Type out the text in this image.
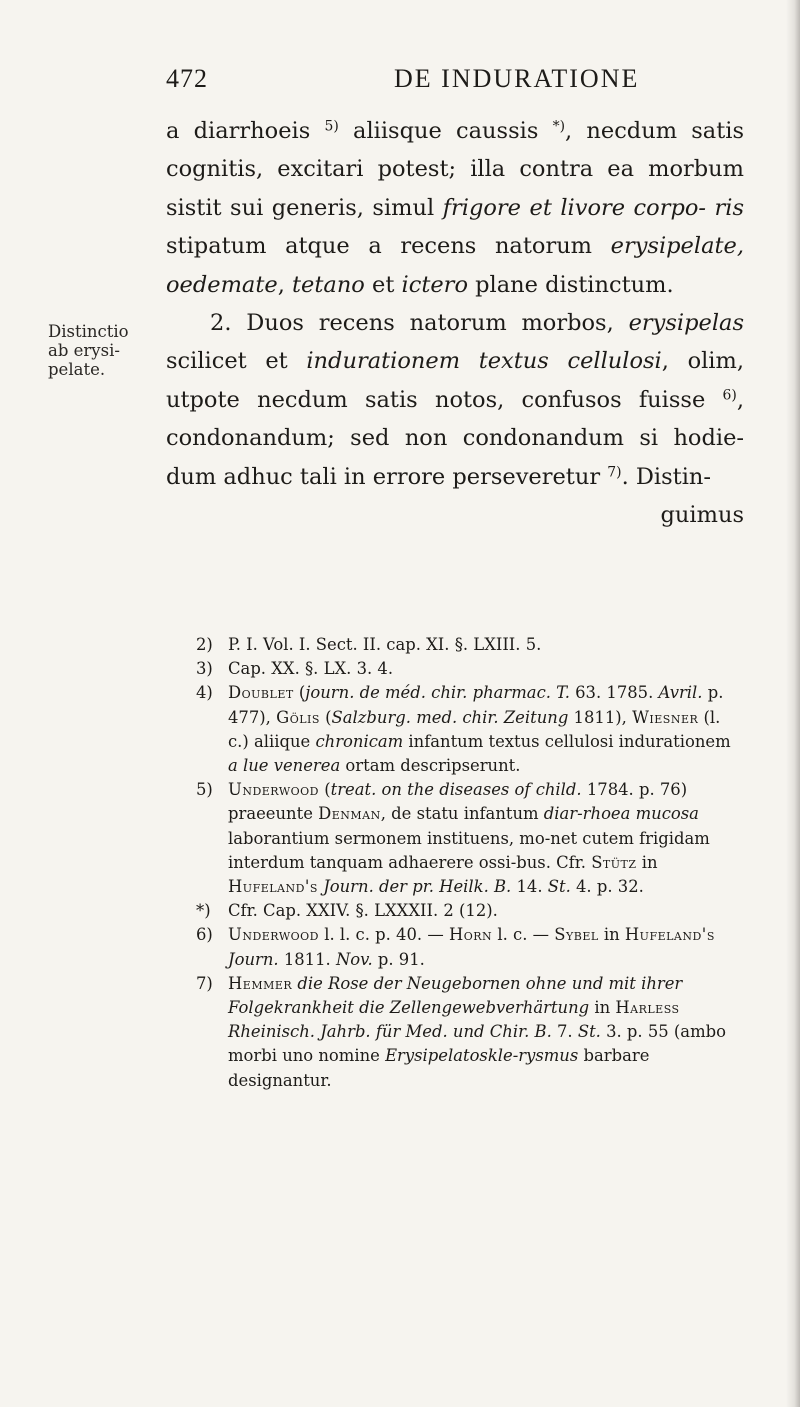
472	DE INDURATIONE
Distinctio
ab erysi-
pelate.

a diarrhoeis $^{5)}$ aliisque caussis *), necdum satis cognitis, excitari potest; illa contra ea morbum sistit sui generis, simul frigore et livore corpo- ris stipatum atque a recens natorum erysipelate, oedemate, tetano et ictero plane distinctum.

2. Duos recens natorum morbos, erysipelas scilicet et indurationem textus cellulosi, olim, utpote necdum satis notos, confusos fuisse $^{6)}$, condonandum; sed non condonandum si hodie-dum adhuc tali in errore perseveretur $^{7)}$. Distin-

guimus

2) P. I. Vol. I. Sect. II. cap. XI. §. LXIII. 5.
3) Cap. XX. §. LX. 3. 4.
4) Doublet (journ. de méd. chir. pharmac. T. 63. 1785. Avril. p. 477), Gölis (Salzburg. med. chir. Zeitung 1811), Wiesner (l. c.) aliique chronicam infantum textus cellulosi indurationem a lue venerea ortam descripserunt.
5) Underwood (treat. on the diseases of child. 1784. p. 76) praeeunte Denman, de statu infantum diar-rhoea mucosa laborantium sermonem instituens, mo-net cutem frigidam interdum tanquam adhaerere ossi-bus. Cfr. Stütz in Hufeland's Journ. der pr. Heilk. B. 14. St. 4. p. 32.
*) Cfr. Cap. XXIV. §. LXXXII. 2 (12).
6) Underwood l. l. c. p. 40. — Horn l. c. — Sybel in Hufeland's Journ. 1811. Nov. p. 91.
7) Hemmer die Rose der Neugebornen ohne und mit ihrer Folgekrankheit die Zellengewebverhärtung in Harless Rheinisch. Jahrb. für Med. und Chir. B. 7. St. 3. p. 55 (ambo morbi uno nomine Erysipelatoskle-rysmus barbare designantur.
